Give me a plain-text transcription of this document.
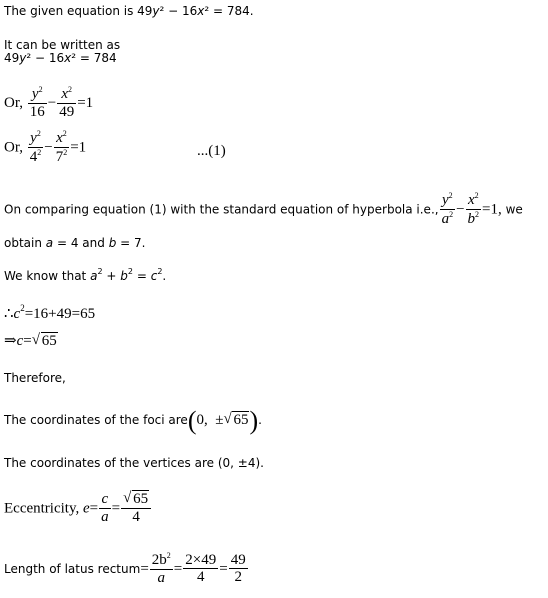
The given equation is 49y² − 16x² = 784.
It can be written as
49y² − 16x² = 784
Or, $\frac{y^2}{16} - \frac{x^2}{49} =1$
Or, $\frac{y^2}{4^2} - \frac{x^2}{7^2} =1$	...(1)
On comparing equation (1) with the standard equation of hyperbola i.e., $\frac{y^2}{a^2} - \frac{x^2}{b^2} =1$, we
obtain a = 4 and b = 7.
We know that $a^2 + b^2 = c^2$.
$\therefore c^2=16+49=65$
⇒c= √ 65
Therefore,
The coordinates of the foci are(0, ± √ 65).
The coordinates of the vertices are (0, ±4).
Eccentricity, $e= \frac{c}{a} = \frac{√ 65}{4}$
Length of latus rectum= $\frac{2b^2}{a} = \frac{2\times 49}{4} = \frac{49}{2}$
